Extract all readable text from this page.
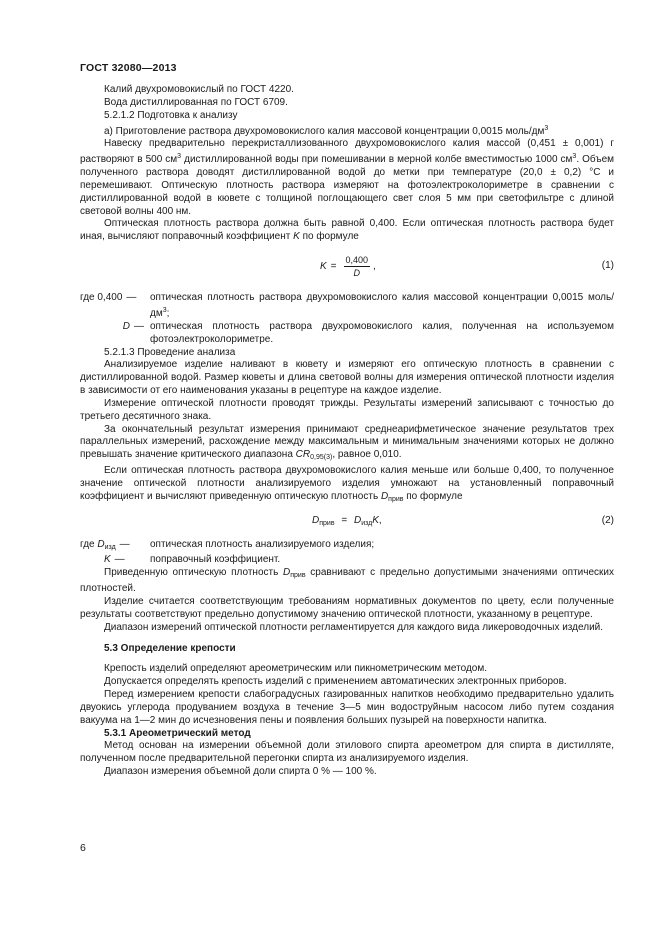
ГОСТ 32080—2013

Калий двухромовокислый по ГОСТ 4220.

Вода дистиллированная по ГОСТ 6709.

5.2.1.2 Подготовка к анализу

а) Приготовление раствора двухромовокислого калия массовой концентрации 0,0015 моль/$дм^3$

Навеску предварительно перекристаллизованного двухромовокислого калия массой (0,451 ± 0,001) г растворяют в 500 $см^3$ дистиллированной воды при помешивании в мерной колбе вместимостью 1000 $см^3$. Объем полученного раствора доводят дистиллированной водой до метки при температуре (20,0 ± 0,2) °С и перемешивают. Оптическую плотность раствора измеряют на фотоэлектроколориметре в сравнении с дистиллированной водой в кювете с толщиной поглощающего свет слоя 5 мм при светофильтре с длиной световой волны 400 нм.

Оптическая плотность раствора должна быть равной 0,400. Если оптическая плотность раствора будет иная, вычисляют поправочный коэффициент K по формуле

$K = \frac{0,400}{D}$ ,	(1)
где 0,400 —	оптическая плотность раствора двухромовокислого калия массовой концентрации 0,0015 моль/$дм^3$;
D — оптическая плотность раствора двухромовокислого калия, полученная на используемом фотоэлектроколориметре.

5.2.1.3 Проведение анализа

Анализируемое изделие наливают в кювету и измеряют его оптическую плотность в сравнении с дистиллированной водой. Размер кюветы и длина световой волны для измерения оптической плотности изделия в зависимости от его наименования указаны в рецептуре на каждое изделие.

Измерение оптической плотности проводят трижды. Результаты измерений записывают с точностью до третьего десятичного знака.

За окончательный результат измерения принимают среднеарифметическое значение результатов трех параллельных измерений, расхождение между максимальным и минимальным значениями которых не должно превышать значение критического диапазона $CR_{0,95(3)}$, равное 0,010.

Если оптическая плотность раствора двухромовокислого калия меньше или больше 0,400, то полученное значение оптической плотности анализируемого изделия умножают на установленный поправочный коэффициент и вычисляют приведенную оптическую плотность $D_{прив}$ по формуле

$D_{прив} = D_{изд}K$,	(2)
где $D_{изд}$ —	оптическая плотность анализируемого изделия;
K —	поправочный коэффициент.

Приведенную оптическую плотность $D_{прив}$ сравнивают с предельно допустимыми значениями оптических плотностей.

Изделие считается соответствующим требованиям нормативных документов по цвету, если полученные результаты соответствуют предельно допустимому значению оптической плотности, указанному в рецептуре.

Диапазон измерений оптической плотности регламентируется для каждого вида ликероводочных изделий.

5.3 Определение крепости

Крепость изделий определяют ареометрическим или пикнометрическим методом.

Допускается определять крепость изделий с применением автоматических электронных приборов.

Перед измерением крепости слабоградусных газированных напитков необходимо предварительно удалить двуокись углерода продуванием воздуха в течение 3—5 мин водоструйным насосом либо путем создания вакуума на 1—2 мин до исчезновения пены и появления больших пузырей на поверхности напитка.

5.3.1 Ареометрический метод

Метод основан на измерении объемной доли этилового спирта ареометром для спирта в дистилляте, полученном после предварительной перегонки спирта из анализируемого изделия.

Диапазон измерения объемной доли спирта 0 % — 100 %.

6
